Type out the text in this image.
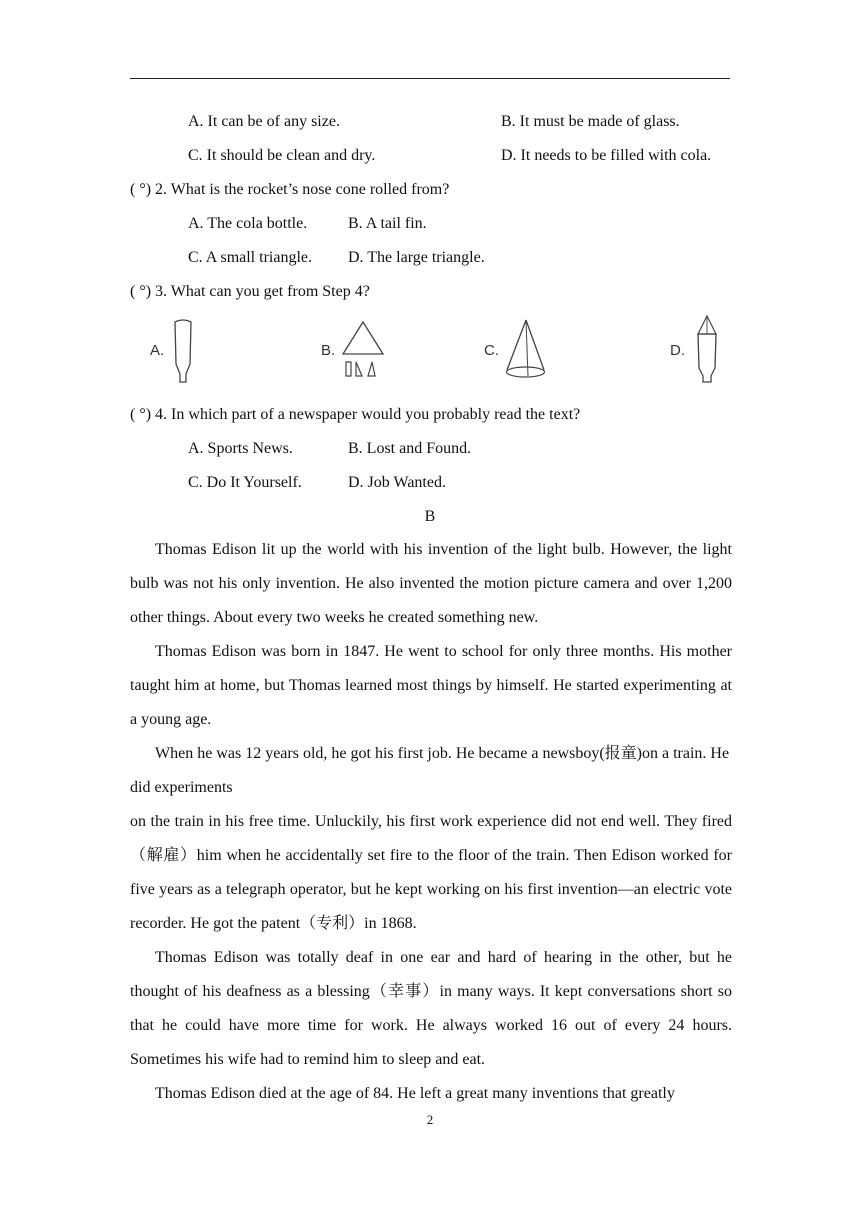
A. It can be of any size.	B. It must be made of glass.
C. It should be clean and dry.	D. It needs to be filled with cola.
( °) 2. What is the rocket’s nose cone rolled from?
A. The cola bottle.	B. A tail fin.
C. A small triangle. D. The large triangle.
( °) 3. What can you get from Step 4?
A.	B.	C.	D.
( °) 4. In which part of a newspaper would you probably read the text?
A. Sports News.	B. Lost and Found.
C. Do It Yourself.	D. Job Wanted.
B

Thomas Edison lit up the world with his invention of the light bulb. However, the light bulb was not his only invention. He also invented the motion picture camera and over 1,200 other things. About every two weeks he created something new.

Thomas Edison was born in 1847. He went to school for only three months. His mother taught him at home, but Thomas learned most things by himself. He started experimenting at a young age.

When he was 12 years old, he got his first job. He became a newsboy(报童)on a train. He did experiments

on the train in his free time. Unluckily, his first work experience did not end well. They fired（解雇）him when he accidentally set fire to the floor of the train. Then Edison worked for five years as a telegraph operator, but he kept working on his first invention—an electric vote recorder. He got the patent（专利）in 1868.

Thomas Edison was totally deaf in one ear and hard of hearing in the other, but he thought of his deafness as a blessing（幸事）in many ways. It kept conversations short so that he could have more time for work. He always worked 16 out of every 24 hours. Sometimes his wife had to remind him to sleep and eat.

Thomas Edison died at the age of 84. He left a great many inventions that greatly

2
